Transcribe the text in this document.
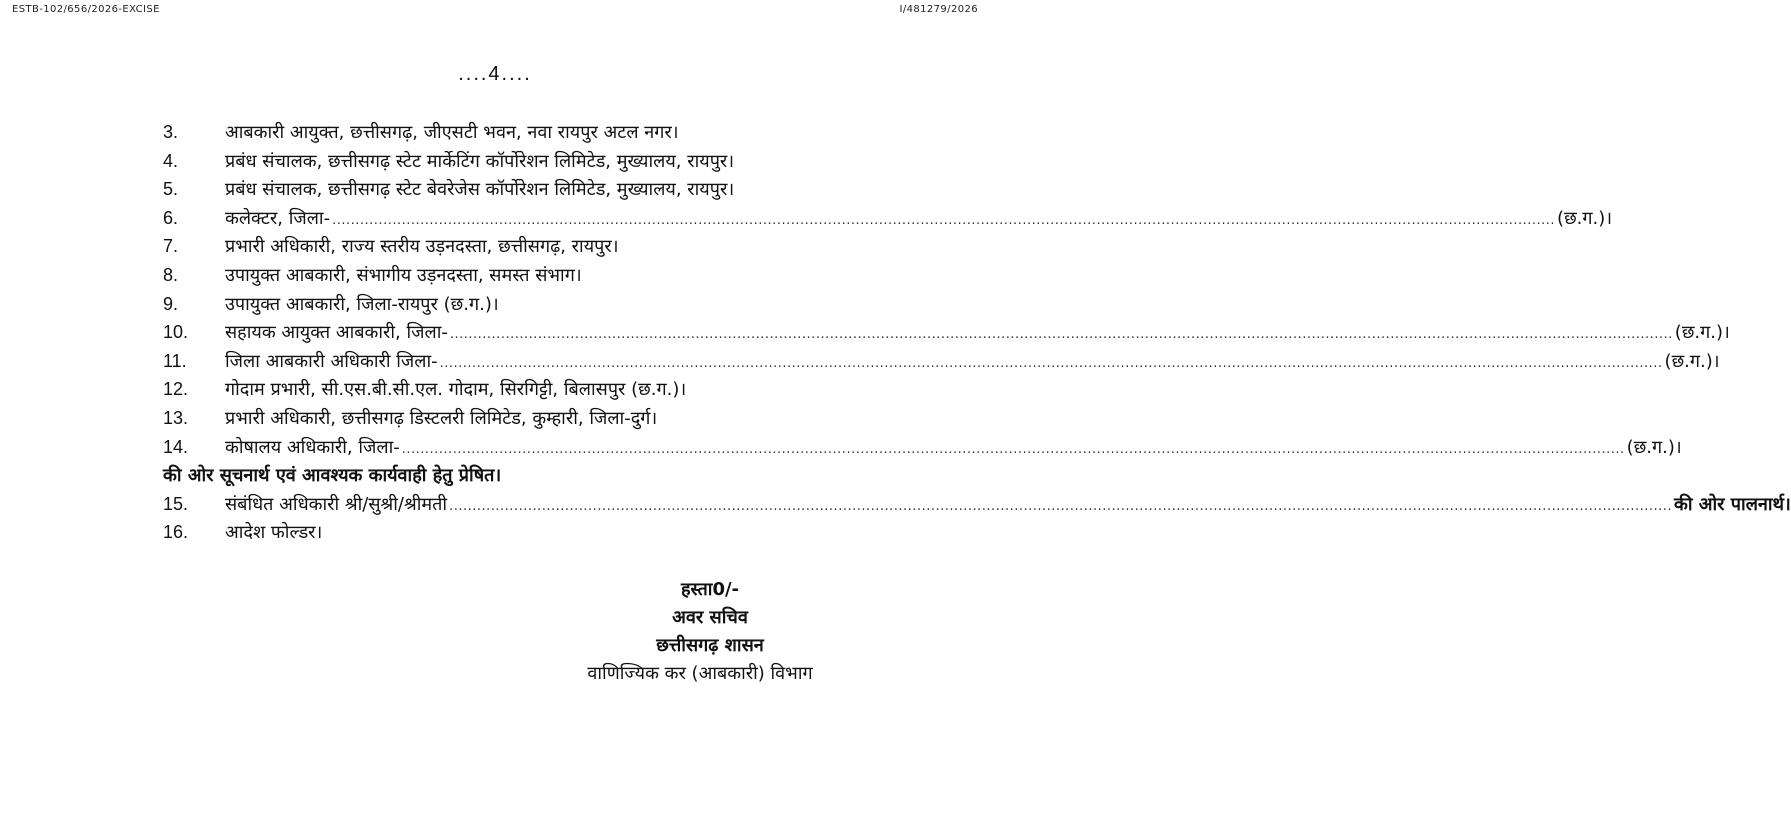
ESTB-102/656/2026-EXCISE	I/481279/2026
....4....
3.	आबकारी आयुक्त, छत्तीसगढ़, जीएसटी भवन, नवा रायपुर अटल नगर।
4.	प्रबंध संचालक, छत्तीसगढ़ स्टेट मार्केटिंग कॉर्पोरेशन लिमिटेड, मुख्यालय, रायपुर।
5.	प्रबंध संचालक, छत्तीसगढ़ स्टेट बेवरेजेस कॉर्पोरेशन लिमिटेड, मुख्यालय, रायपुर।
6.	कलेक्टर, जिला- .....	(छ.ग.)।
7.	प्रभारी अधिकारी, राज्य स्तरीय उड़नदस्ता, छत्तीसगढ़, रायपुर।
8.	उपायुक्त आबकारी, संभागीय उड़नदस्ता, समस्त संभाग।
9.	उपायुक्त आबकारी, जिला-रायपुर (छ.ग.)।
10.	सहायक आयुक्त आबकारी, जिला- .....	(छ.ग.)।
11.	जिला आबकारी अधिकारी जिला- .....	(छ.ग.)।
12.	गोदाम प्रभारी, सी.एस.बी.सी.एल. गोदाम, सिरगिट्टी, बिलासपुर (छ.ग.)।
13.	प्रभारी अधिकारी, छत्तीसगढ़ डिस्टलरी लिमिटेड, कुम्हारी, जिला-दुर्ग।
14.	कोषालय अधिकारी, जिला- .....	(छ.ग.)।
की ओर सूचनार्थ एवं आवश्यक कार्यवाही हेतु प्रेषित।
15.	संबंधित अधिकारी श्री/सुश्री/श्रीमती .....	की ओर पालनार्थ।
16.	आदेश फोल्डर।
हस्ता0/-
अवर सचिव
छत्तीसगढ़ शासन
वाणिज्यिक कर (आबकारी) विभाग
